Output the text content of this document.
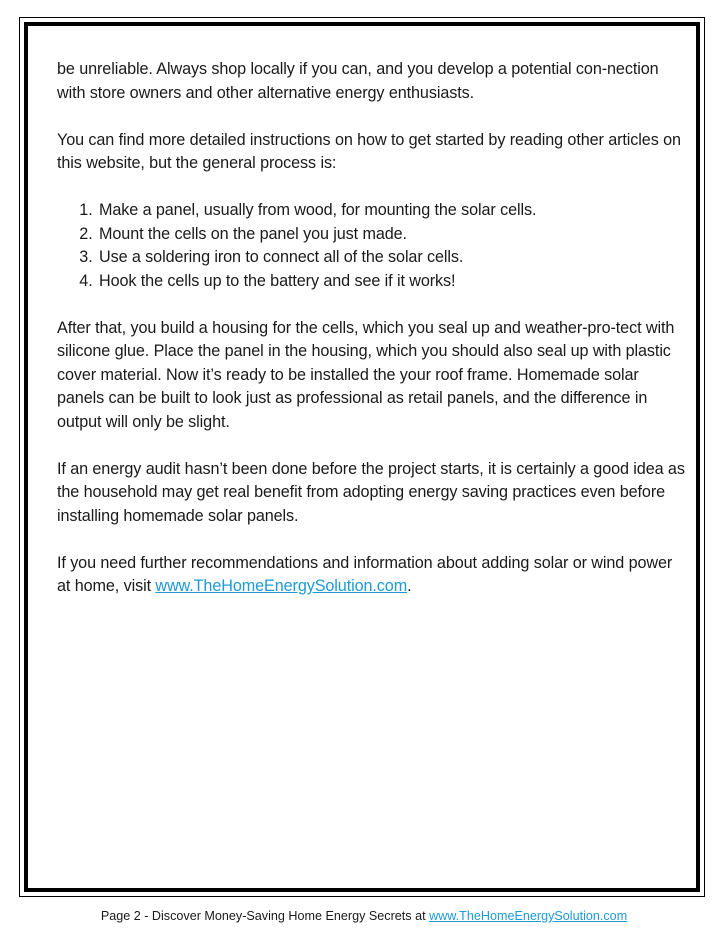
be unreliable. Always shop locally if you can, and you develop a potential con-nection with store owners and other alternative energy enthusiasts.

You can find more detailed instructions on how to get started by reading other articles on this website, but the general process is:

1. Make a panel, usually from wood, for mounting the solar cells.
2. Mount the cells on the panel you just made.
3. Use a soldering iron to connect all of the solar cells.
4. Hook the cells up to the battery and see if it works!

After that, you build a housing for the cells, which you seal up and weather-pro-tect with silicone glue. Place the panel in the housing, which you should also seal up with plastic cover material. Now it’s ready to be installed the your roof frame. Homemade solar panels can be built to look just as professional as retail panels, and the difference in output will only be slight.

If an energy audit hasn’t been done before the project starts, it is certainly a good idea as the household may get real benefit from adopting energy saving practices even before installing homemade solar panels.

If you need further recommendations and information about adding solar or wind power at home, visit www.TheHomeEnergySolution.com.

Page 2 - Discover Money-Saving Home Energy Secrets at www.TheHomeEnergySolution.com
